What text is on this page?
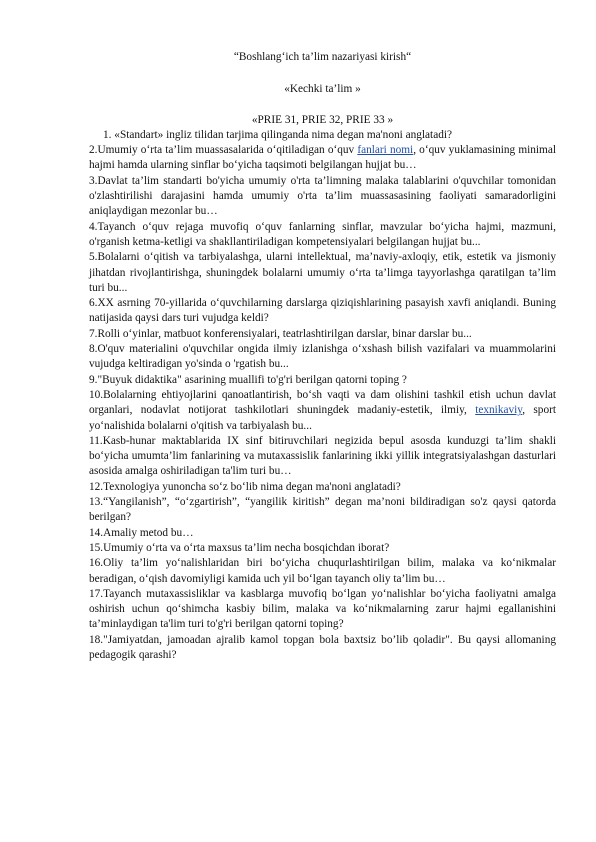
“Boshlang‘ich ta’lim nazariyasi kirish“

«Kechki ta’lim »

«PRIE 31, PRIE 32, PRIE 33 »

1. «Standart» ingliz tilidan tarjima qilinganda nima degan ma'noni anglatadi?

2.Umumiy o‘rta ta’lim muassasalarida o‘qitiladigan o‘quv fanlari nomi, o‘quv yuklamasining minimal hajmi hamda ularning sinflar bo‘yicha taqsimoti belgilangan hujjat bu…

3.Davlat ta’lim standarti bo'yicha umumiy o'rta ta’limning malaka talablarini o'quvchilar tomonidan o'zlashtirilishi darajasini hamda umumiy o'rta ta’lim muassasasining faoliyati samaradorligini aniqlaydigan mezonlar bu…

4.Tayanch o‘quv rejaga muvofiq o‘quv fanlarning sinflar, mavzular bo‘yicha hajmi, mazmuni, o'rganish ketma-ketligi va shakllantiriladigan kompetensiyalari belgilangan hujjat bu...

5.Bolalarni o‘qitish va tarbiyalashga, ularni intellektual, ma’naviy-axloqiy, etik, estetik va jismoniy jihatdan rivojlantirishga, shuningdek bolalarni umumiy o‘rta ta’limga tayyorlashga qaratilgan ta’lim turi bu...

6.XX asrning 70-yillarida o‘quvchilarning darslarga qiziqishlarining pasayish xavfi aniqlandi. Buning natijasida qaysi dars turi vujudga keldi?

7.Rolli o‘yinlar, matbuot konferensiyalari, teatrlashtirilgan darslar, binar darslar bu...

8.O'quv materialini o'quvchilar ongida ilmiy izlanishga o‘xshash bilish vazifalari va muammolarini vujudga keltiradigan yo'sinda o 'rgatish bu...

9."Buyuk didaktika" asarining muallifi to'g'ri berilgan qatorni toping ?

10.Bolalarning ehtiyojlarini qanoatlantirish, bo‘sh vaqti va dam olishini tashkil etish uchun davlat organlari, nodavlat notijorat tashkilotlari shuningdek madaniy-estetik, ilmiy, texnikaviy, sport yo‘nalishida bolalarni o'qitish va tarbiyalash bu...

11.Kasb-hunar maktablarida IX sinf bitiruvchilari negizida bepul asosda kunduzgi ta’lim shakli bo‘yicha umumta’lim fanlarining va mutaxassislik fanlarining ikki yillik integratsiyalashgan dasturlari asosida amalga oshiriladigan ta'lim turi bu…

12.Texnologiya yunoncha so‘z bo‘lib nima degan ma'noni anglatadi?

13.“Yangilanish”, “o‘zgartirish”, “yangilik kiritish” degan ma’noni bildiradigan so'z qaysi qatorda berilgan?

14.Amaliy metod bu…

15.Umumiy o‘rta va o‘rta maxsus ta’lim necha bosqichdan iborat?

16.Oliy ta’lim yo‘nalishlaridan biri bo‘yicha chuqurlashtirilgan bilim, malaka va ko‘nikmalar beradigan, o‘qish davomiyligi kamida uch yil bo‘lgan tayanch oliy ta’lim bu…

17.Tayanch mutaxassisliklar va kasblarga muvofiq bo‘lgan yo‘nalishlar bo‘yicha faoliyatni amalga oshirish uchun qo‘shimcha kasbiy bilim, malaka va ko‘nikmalarning zarur hajmi egallanishini ta’minlaydigan ta'lim turi to'g'ri berilgan qatorni toping?

18."Jamiyatdan, jamoadan ajralib kamol topgan bola baxtsiz bo’lib qoladir". Bu qaysi allomaning pedagogik qarashi?
